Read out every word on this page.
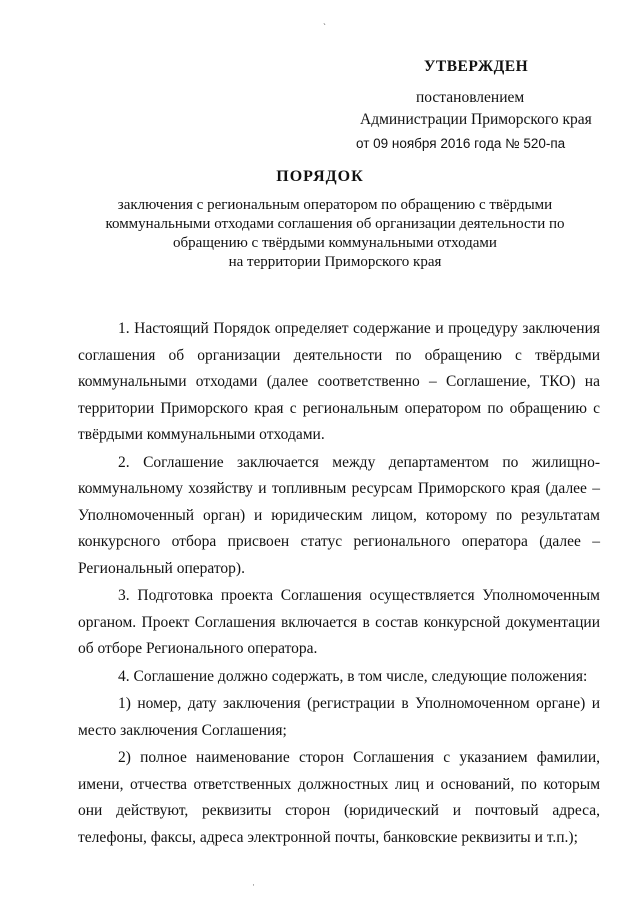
`
УТВЕРЖДЕН
постановлением
Администрации Приморского края
от 09 ноября 2016 года № 520-па
ПОРЯДОК
заключения с региональным оператором по обращению с твёрдыми
коммунальными отходами соглашения об организации деятельности по
обращению с твёрдыми коммунальными отходами
на территории Приморского края

1. Настоящий Порядок определяет содержание и процедуру заключения соглашения об организации деятельности по обращению с твёрдыми коммунальными отходами (далее соответственно – Соглашение, ТКО) на территории Приморского края с региональным оператором по обращению с твёрдыми коммунальными отходами.

2. Соглашение заключается между департаментом по жилищно-коммунальному хозяйству и топливным ресурсам Приморского края (далее – Уполномоченный орган) и юридическим лицом, которому по результатам конкурсного отбора присвоен статус регионального оператора (далее – Региональный оператор).

3. Подготовка проекта Соглашения осуществляется Уполномоченным органом. Проект Соглашения включается в состав конкурсной документации об отборе Регионального оператора.

4. Соглашение должно содержать, в том числе, следующие положения:

1) номер, дату заключения (регистрации в Уполномоченном органе) и место заключения Соглашения;

2) полное наименование сторон Соглашения с указанием фамилии, имени, отчества ответственных должностных лиц и оснований, по которым они действуют, реквизиты сторон (юридический и почтовый адреса, телефоны, факсы, адреса электронной почты, банковские реквизиты и т.п.);

·
